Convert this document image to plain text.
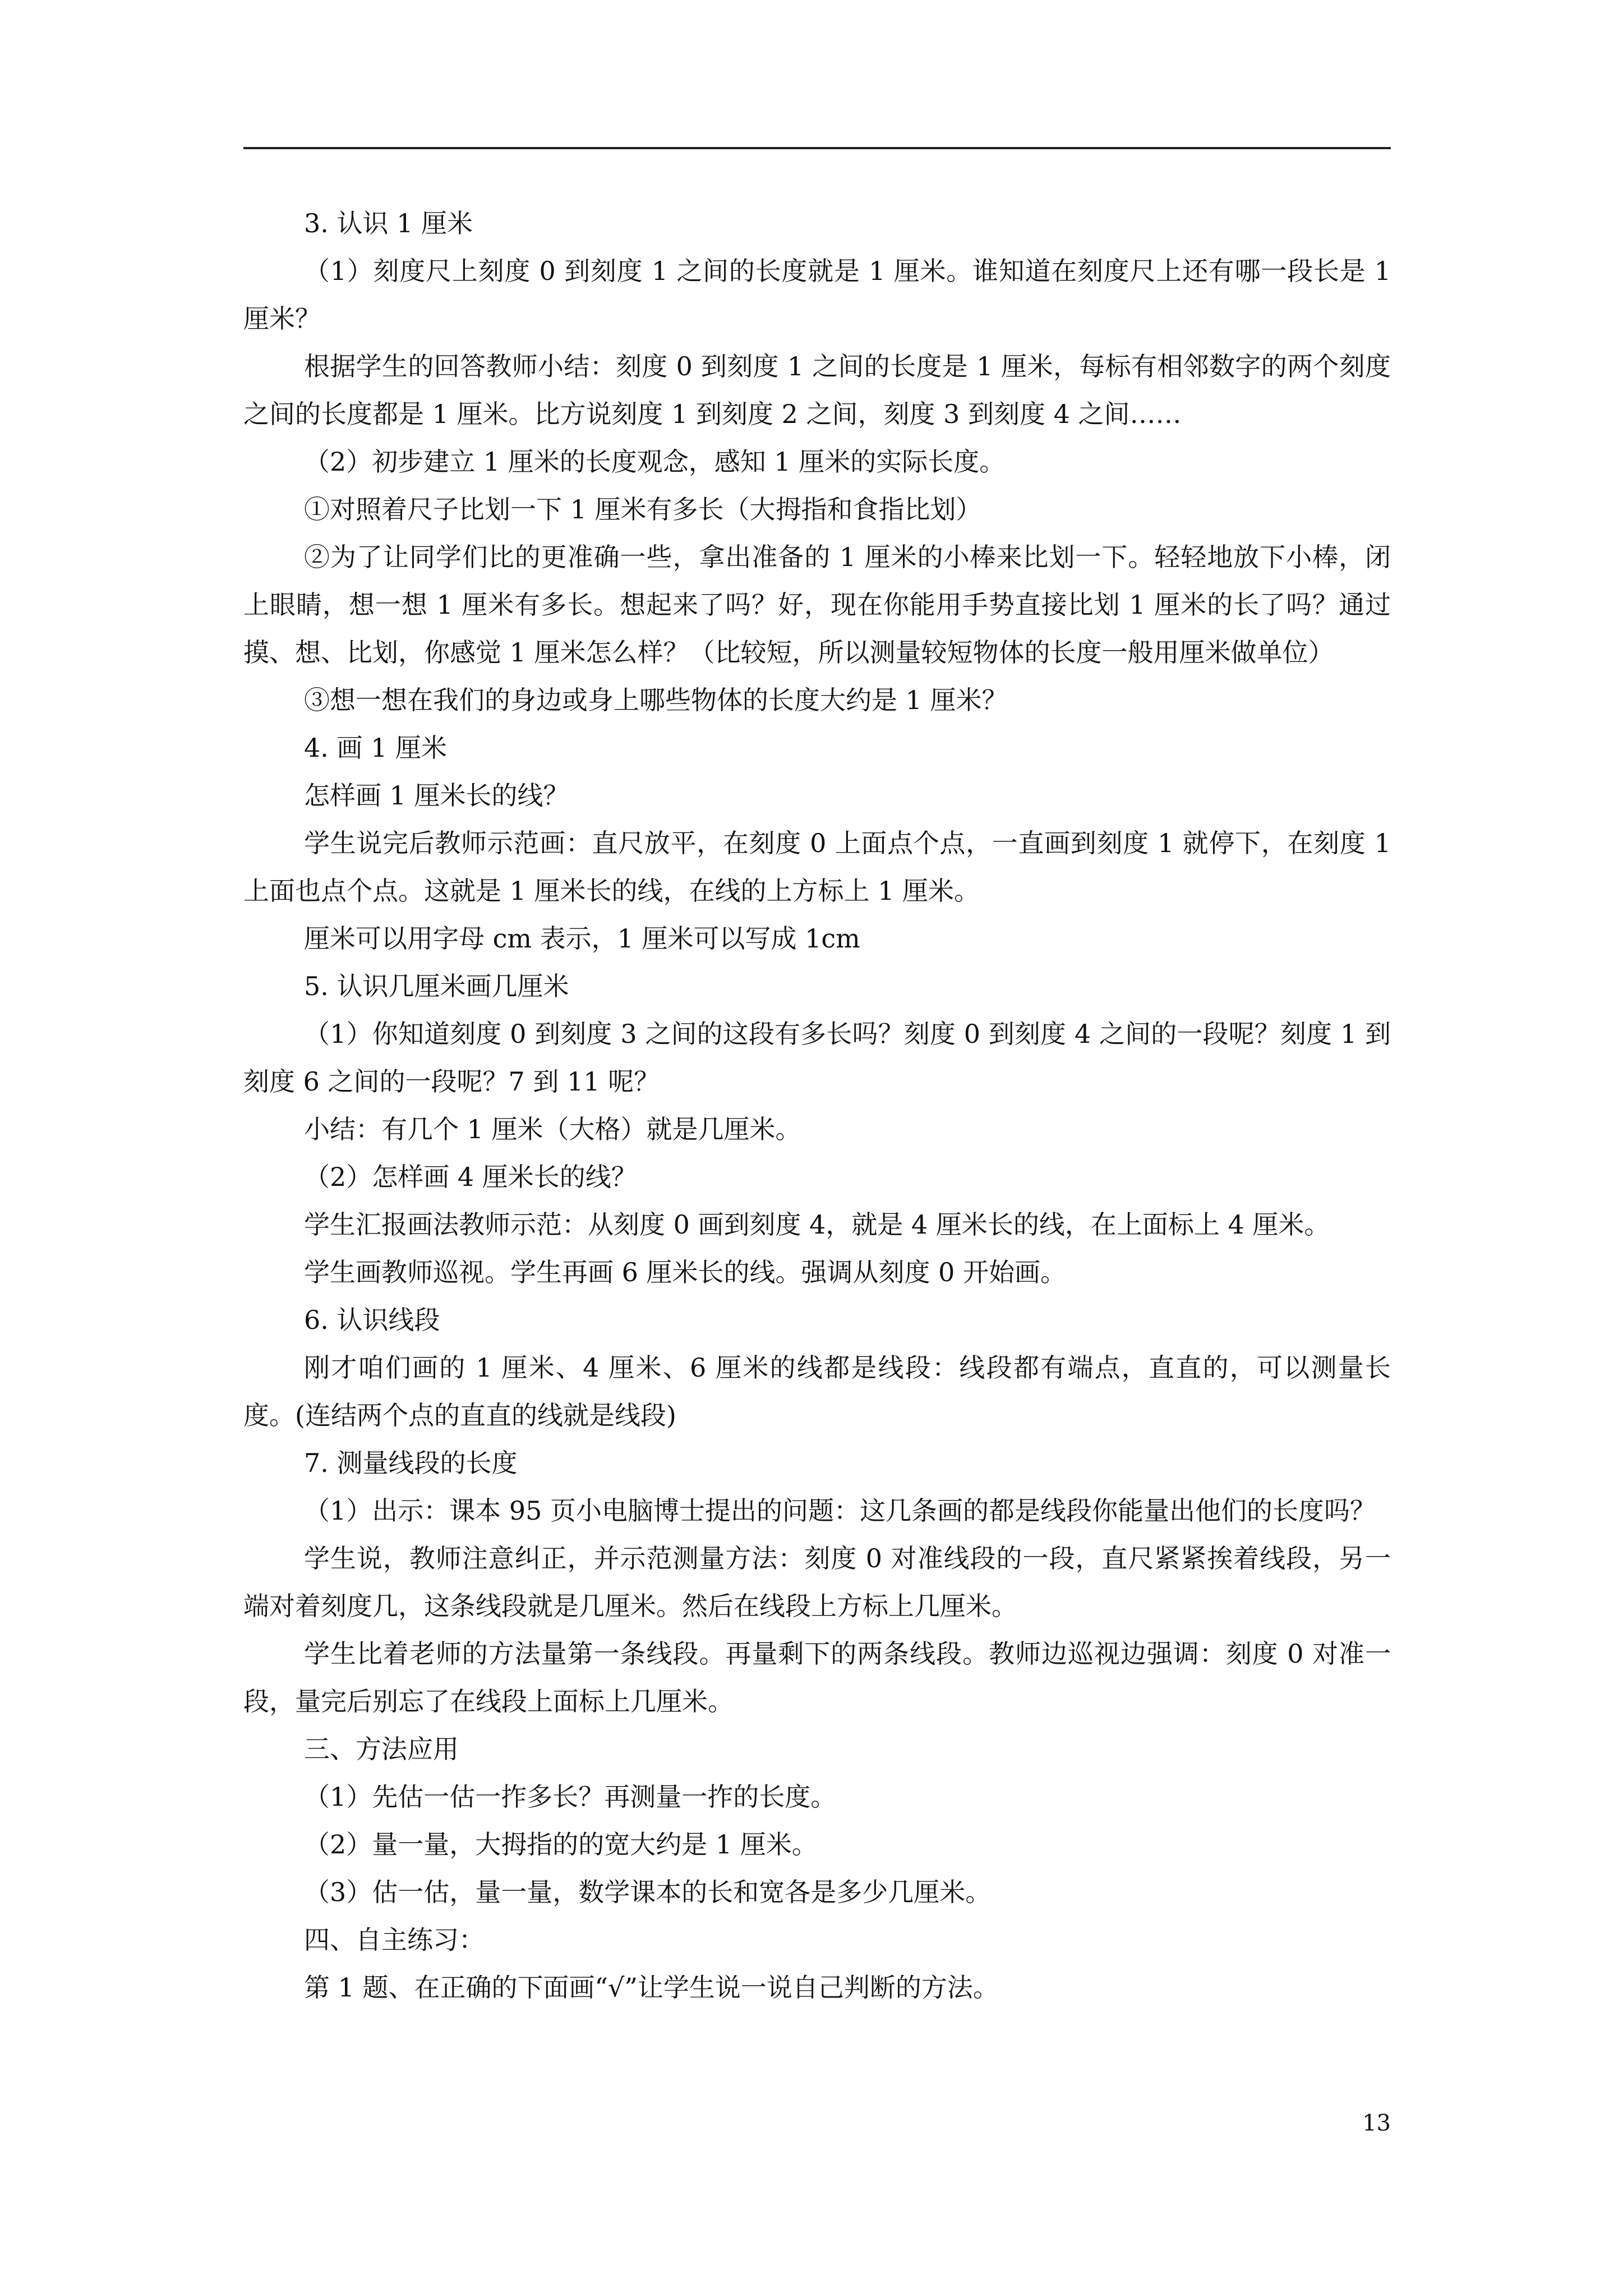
3. 认识 1 厘米

（1）刻度尺上刻度 0 到刻度 1 之间的长度就是 1 厘米。谁知道在刻度尺上还有哪一段长是 1 厘米？

根据学生的回答教师小结：刻度 0 到刻度 1 之间的长度是 1 厘米，每标有相邻数字的两个刻度之间的长度都是 1 厘米。比方说刻度 1 到刻度 2 之间，刻度 3 到刻度 4 之间……

（2）初步建立 1 厘米的长度观念，感知 1 厘米的实际长度。

①对照着尺子比划一下 1 厘米有多长（大拇指和食指比划）

②为了让同学们比的更准确一些，拿出准备的 1 厘米的小棒来比划一下。轻轻地放下小棒，闭上眼睛，想一想 1 厘米有多长。想起来了吗？好，现在你能用手势直接比划 1 厘米的长了吗？通过摸、想、比划，你感觉 1 厘米怎么样？（比较短，所以测量较短物体的长度一般用厘米做单位）

③想一想在我们的身边或身上哪些物体的长度大约是 1 厘米？

4. 画 1 厘米

怎样画 1 厘米长的线？

学生说完后教师示范画：直尺放平，在刻度 0 上面点个点，一直画到刻度 1 就停下，在刻度 1 上面也点个点。这就是 1 厘米长的线，在线的上方标上 1 厘米。

厘米可以用字母 cm 表示，1 厘米可以写成 1cm

5. 认识几厘米画几厘米

（1）你知道刻度 0 到刻度 3 之间的这段有多长吗？刻度 0 到刻度 4 之间的一段呢？刻度 1 到刻度 6 之间的一段呢？7 到 11 呢？

小结：有几个 1 厘米（大格）就是几厘米。

（2）怎样画 4 厘米长的线？

学生汇报画法教师示范：从刻度 0 画到刻度 4，就是 4 厘米长的线，在上面标上 4 厘米。

学生画教师巡视。学生再画 6 厘米长的线。强调从刻度 0 开始画。

6. 认识线段

刚才咱们画的 1 厘米、4 厘米、6 厘米的线都是线段：线段都有端点，直直的，可以测量长度。(连结两个点的直直的线就是线段)

7. 测量线段的长度

（1）出示：课本 95 页小电脑博士提出的问题：这几条画的都是线段你能量出他们的长度吗？

学生说，教师注意纠正，并示范测量方法：刻度 0 对准线段的一段，直尺紧紧挨着线段，另一端对着刻度几，这条线段就是几厘米。然后在线段上方标上几厘米。

学生比着老师的方法量第一条线段。再量剩下的两条线段。教师边巡视边强调：刻度 0 对准一段，量完后别忘了在线段上面标上几厘米。

三、方法应用

（1）先估一估一拃多长？再测量一拃的长度。

（2）量一量，大拇指的的宽大约是 1 厘米。

（3）估一估，量一量，数学课本的长和宽各是多少几厘米。

四、自主练习：

第 1 题、在正确的下面画“√”让学生说一说自己判断的方法。

13
